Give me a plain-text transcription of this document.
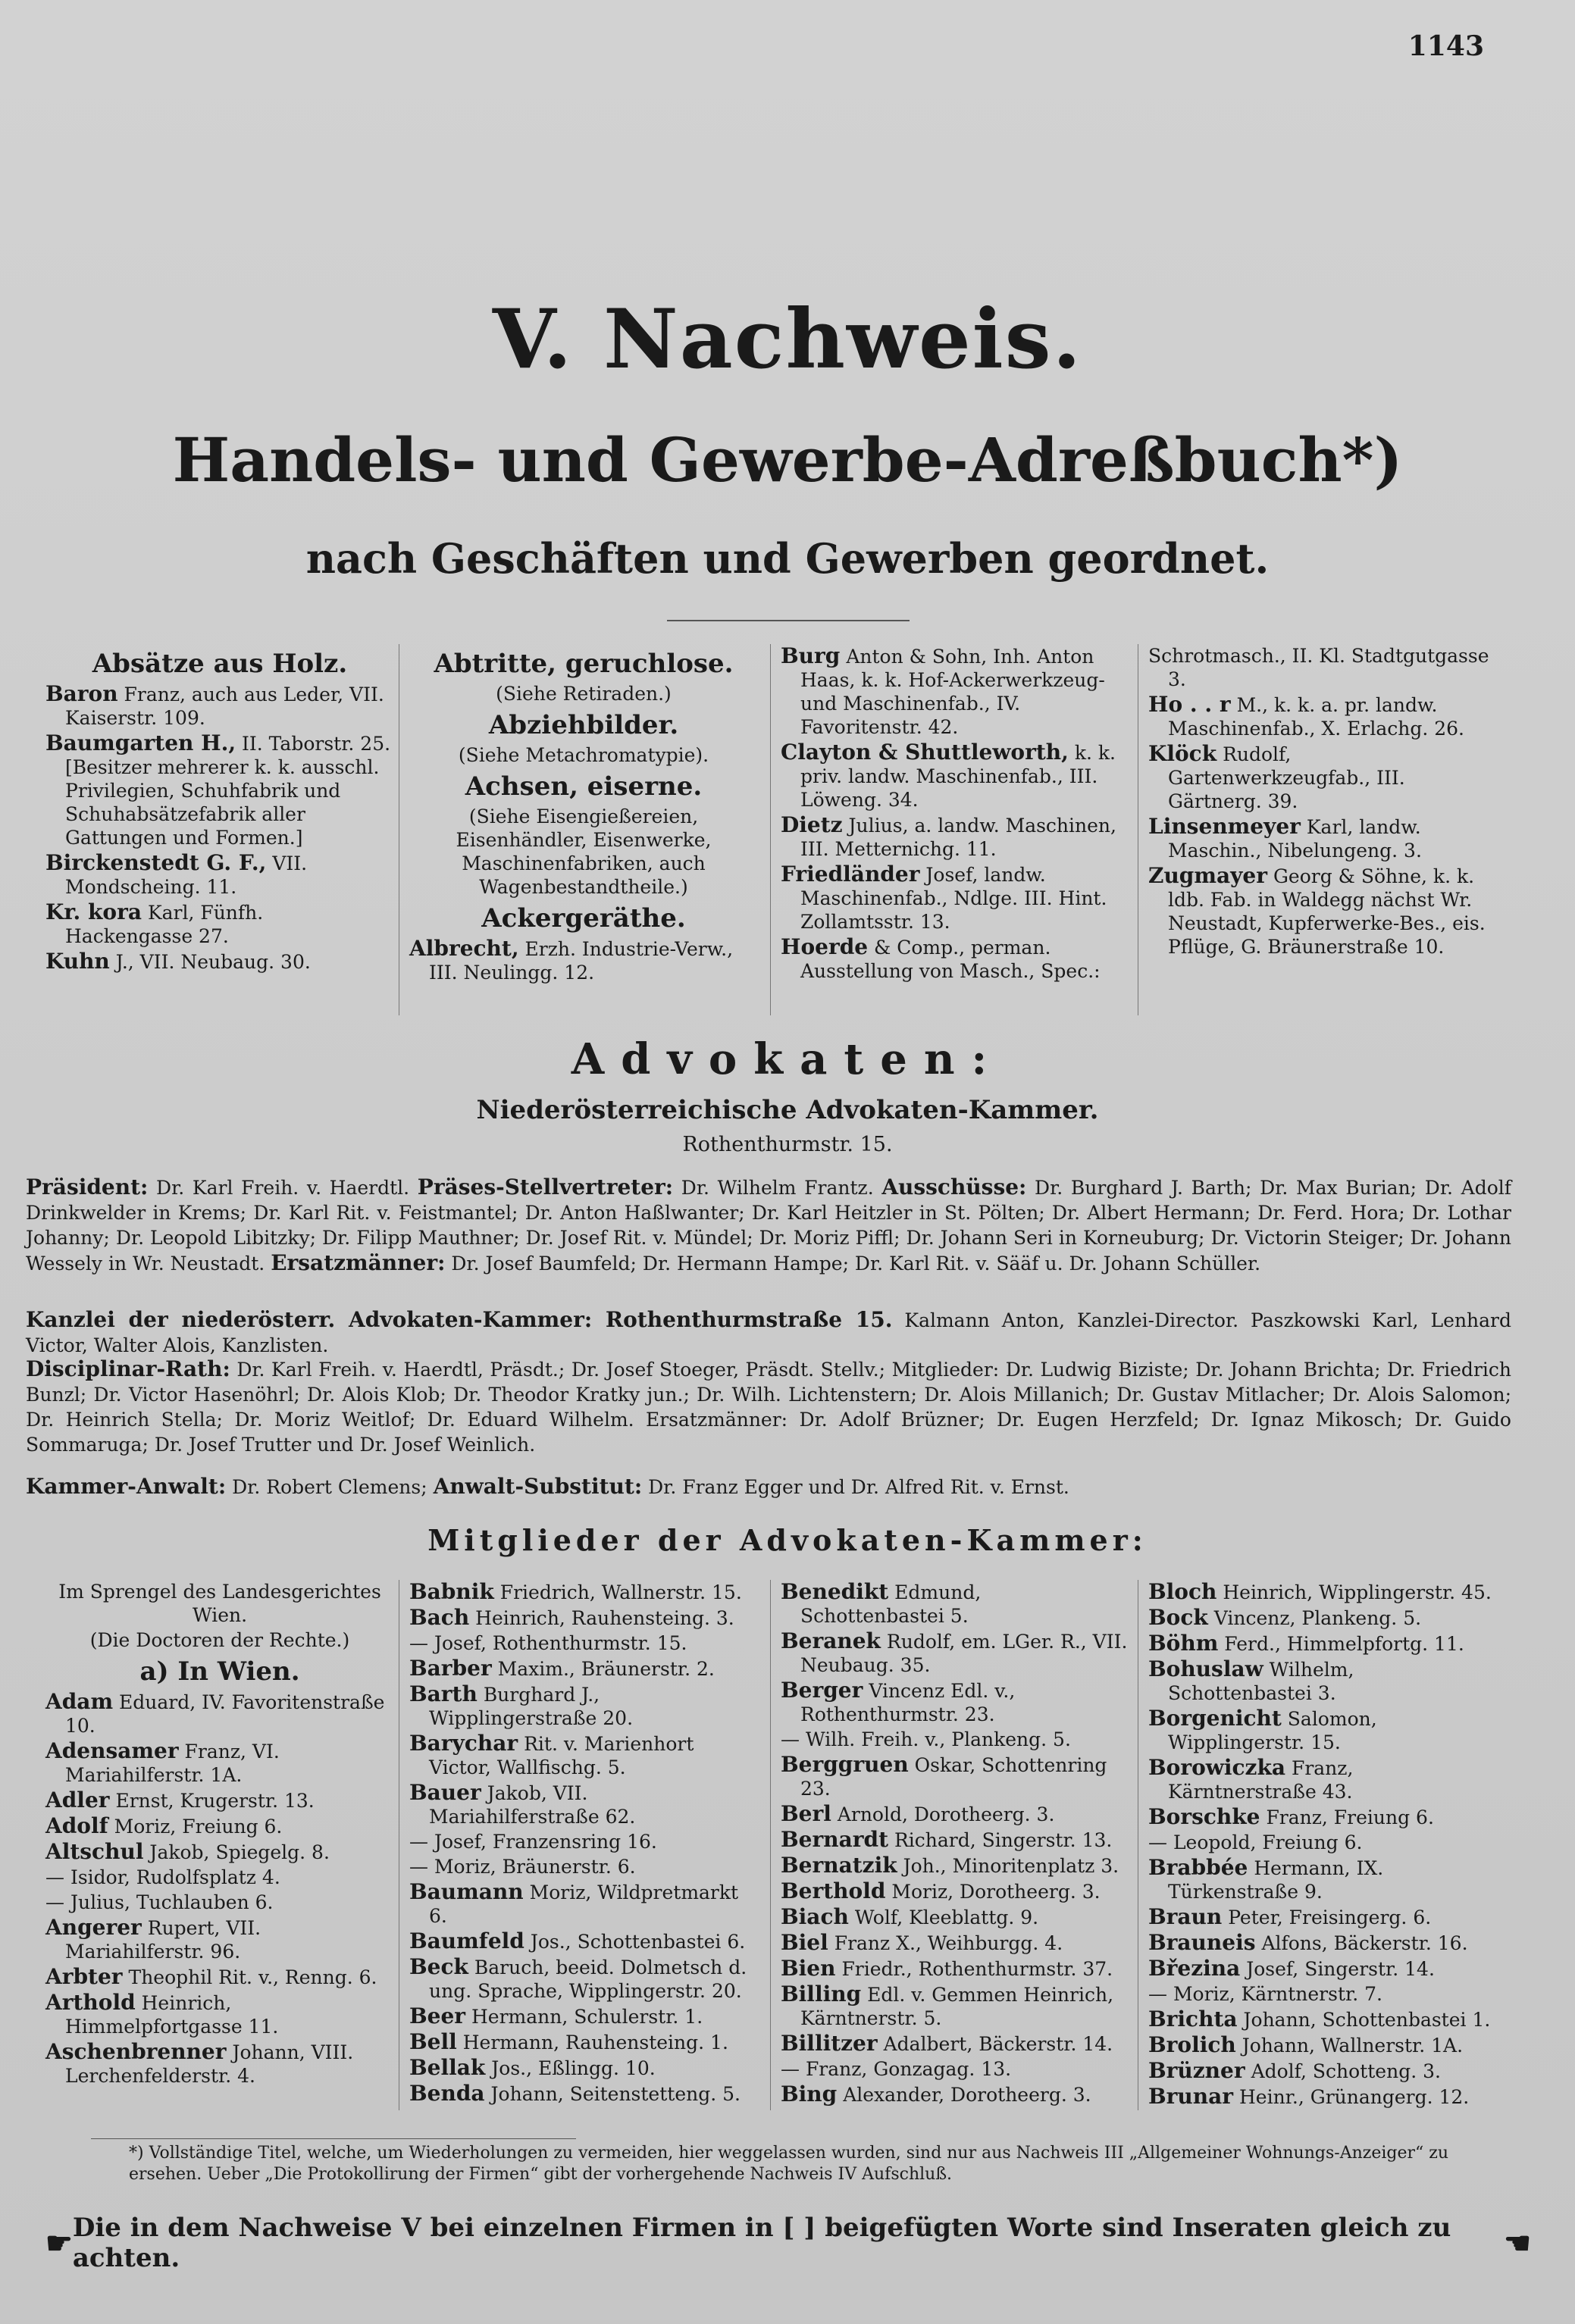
1143
V. Nachweis.
Handels- und Gewerbe-Adreßbuch*)
nach Geschäften und Gewerben geordnet.

Absätze aus Holz.

Baron Franz, auch aus Leder, VII. Kaiserstr. 109.

Baumgarten H., II. Taborstr. 25. [Besitzer mehrerer k. k. ausschl. Privilegien, Schuhfabrik und Schuhabsätzefabrik aller Gattungen und Formen.]

Birckenstedt G. F., VII. Mondscheing. 11.

Kr. kora Karl, Fünfh. Hackengasse 27.

Kuhn J., VII. Neubaug. 30.

Abtritte, geruchlose.

(Siehe Retiraden.)

Abziehbilder.

(Siehe Metachromatypie).

Achsen, eiserne.

(Siehe Eisengießereien, Eisenhändler, Eisenwerke, Maschinenfabriken, auch Wagenbestandtheile.)

Ackergeräthe.

Albrecht, Erzh. Industrie-Verw., III. Neulingg. 12.

Burg Anton & Sohn, Inh. Anton Haas, k. k. Hof-Ackerwerkzeug- und Maschinenfab., IV. Favoritenstr. 42.

Clayton & Shuttleworth, k. k. priv. landw. Maschinenfab., III. Löweng. 34.

Dietz Julius, a. landw. Maschinen, III. Metternichg. 11.

Friedländer Josef, landw. Maschinenfab., Ndlge. III. Hint. Zollamtsstr. 13.

Hoerde & Comp., perman. Ausstellung von Masch., Spec.:

Schrotmasch., II. Kl. Stadtgutgasse 3.

Ho . . r M., k. k. a. pr. landw. Maschinenfab., X. Erlachg. 26.

Klöck Rudolf, Gartenwerkzeugfab., III. Gärtnerg. 39.

Linsenmeyer Karl, landw. Maschin., Nibelungeng. 3.

Zugmayer Georg & Söhne, k. k. ldb. Fab. in Waldegg nächst Wr. Neustadt, Kupferwerke-Bes., eis. Pflüge, G. Bräunerstraße 10.

Advokaten:
Niederösterreichische Advokaten-Kammer.
Rothenthurmstr. 15.
Präsident: Dr. Karl Freih. v. Haerdtl. Präses-Stellvertreter: Dr. Wilhelm Frantz. Ausschüsse: Dr. Burghard J. Barth; Dr. Max Burian; Dr. Adolf Drinkwelder in Krems; Dr. Karl Rit. v. Feistmantel; Dr. Anton Haßlwanter; Dr. Karl Heitzler in St. Pölten; Dr. Albert Hermann; Dr. Ferd. Hora; Dr. Lothar Johanny; Dr. Leopold Libitzky; Dr. Filipp Mauthner; Dr. Josef Rit. v. Mündel; Dr. Moriz Piffl; Dr. Johann Seri in Korneuburg; Dr. Victorin Steiger; Dr. Johann Wessely in Wr. Neustadt. Ersatzmänner: Dr. Josef Baumfeld; Dr. Hermann Hampe; Dr. Karl Rit. v. Sääf u. Dr. Johann Schüller.
Kanzlei der niederösterr. Advokaten-Kammer: Rothenthurmstraße 15. Kalmann Anton, Kanzlei-Director. Paszkowski Karl, Lenhard Victor, Walter Alois, Kanzlisten.
Disciplinar-Rath: Dr. Karl Freih. v. Haerdtl, Präsdt.; Dr. Josef Stoeger, Präsdt. Stellv.; Mitglieder: Dr. Ludwig Biziste; Dr. Johann Brichta; Dr. Friedrich Bunzl; Dr. Victor Hasenöhrl; Dr. Alois Klob; Dr. Theodor Kratky jun.; Dr. Wilh. Lichtenstern; Dr. Alois Millanich; Dr. Gustav Mitlacher; Dr. Alois Salomon; Dr. Heinrich Stella; Dr. Moriz Weitlof; Dr. Eduard Wilhelm. Ersatzmänner: Dr. Adolf Brüzner; Dr. Eugen Herzfeld; Dr. Ignaz Mikosch; Dr. Guido Sommaruga; Dr. Josef Trutter und Dr. Josef Weinlich.
Kammer-Anwalt: Dr. Robert Clemens; Anwalt-Substitut: Dr. Franz Egger und Dr. Alfred Rit. v. Ernst.
Mitglieder der Advokaten-Kammer:

Im Sprengel des Landesgerichtes Wien.

(Die Doctoren der Rechte.)

a) In Wien.

Adam Eduard, IV. Favoritenstraße 10.

Adensamer Franz, VI. Mariahilferstr. 1A.

Adler Ernst, Krugerstr. 13.

Adolf Moriz, Freiung 6.

Altschul Jakob, Spiegelg. 8.

— Isidor, Rudolfsplatz 4.

— Julius, Tuchlauben 6.

Angerer Rupert, VII. Mariahilferstr. 96.

Arbter Theophil Rit. v., Renng. 6.

Arthold Heinrich, Himmelpfortgasse 11.

Aschenbrenner Johann, VIII. Lerchenfelderstr. 4.

Babnik Friedrich, Wallnerstr. 15.

Bach Heinrich, Rauhensteing. 3.

— Josef, Rothenthurmstr. 15.

Barber Maxim., Bräunerstr. 2.

Barth Burghard J., Wipplingerstraße 20.

Barychar Rit. v. Marienhort Victor, Wallfischg. 5.

Bauer Jakob, VII. Mariahilferstraße 62.

— Josef, Franzensring 16.

— Moriz, Bräunerstr. 6.

Baumann Moriz, Wildpretmarkt 6.

Baumfeld Jos., Schottenbastei 6.

Beck Baruch, beeid. Dolmetsch d. ung. Sprache, Wipplingerstr. 20.

Beer Hermann, Schulerstr. 1.

Bell Hermann, Rauhensteing. 1.

Bellak Jos., Eßlingg. 10.

Benda Johann, Seitenstetteng. 5.

Benedikt Edmund, Schottenbastei 5.

Beranek Rudolf, em. LGer. R., VII. Neubaug. 35.

Berger Vincenz Edl. v., Rothenthurmstr. 23.

— Wilh. Freih. v., Plankeng. 5.

Berggruen Oskar, Schottenring 23.

Berl Arnold, Dorotheerg. 3.

Bernardt Richard, Singerstr. 13.

Bernatzik Joh., Minoritenplatz 3.

Berthold Moriz, Dorotheerg. 3.

Biach Wolf, Kleeblattg. 9.

Biel Franz X., Weihburgg. 4.

Bien Friedr., Rothenthurmstr. 37.

Billing Edl. v. Gemmen Heinrich, Kärntnerstr. 5.

Billitzer Adalbert, Bäckerstr. 14.

— Franz, Gonzagag. 13.

Bing Alexander, Dorotheerg. 3.

Bloch Heinrich, Wipplingerstr. 45.

Bock Vincenz, Plankeng. 5.

Böhm Ferd., Himmelpfortg. 11.

Bohuslaw Wilhelm, Schottenbastei 3.

Borgenicht Salomon, Wipplingerstr. 15.

Borowiczka Franz, Kärntnerstraße 43.

Borschke Franz, Freiung 6.

— Leopold, Freiung 6.

Brabbée Hermann, IX. Türkenstraße 9.

Braun Peter, Freisingerg. 6.

Brauneis Alfons, Bäckerstr. 16.

Březina Josef, Singerstr. 14.

— Moriz, Kärntnerstr. 7.

Brichta Johann, Schottenbastei 1.

Brolich Johann, Wallnerstr. 1A.

Brüzner Adolf, Schotteng. 3.

Brunar Heinr., Grünangerg. 12.

*) Vollständige Titel, welche, um Wiederholungen zu vermeiden, hier weggelassen wurden, sind nur aus Nachweis III „Allgemeiner Wohnungs-Anzeiger“ zu ersehen. Ueber „Die Protokollirung der Firmen“ gibt der vorhergehende Nachweis IV Aufschluß.
☛ Die in dem Nachweise V bei einzelnen Firmen in [ ] beigefügten Worte sind Inseraten gleich zu achten.	☚
